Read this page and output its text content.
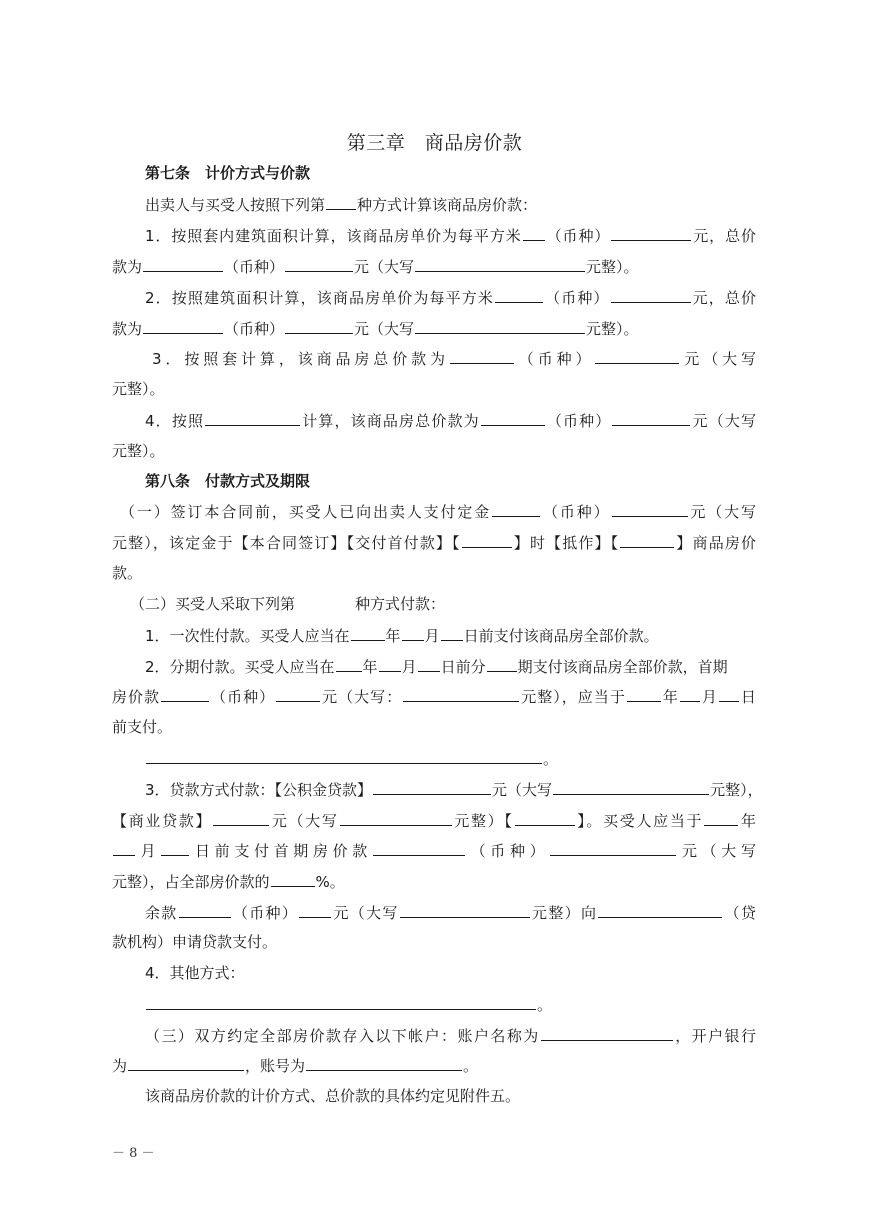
第三章　商品房价款
第七条　计价方式与价款
出卖人与买受人按照下列第 种方式计算该商品房价款：
1．按照套内建筑面积计算，该商品房单价为每平方米 （币种）	元，总价
款为	（币种）	元（大写	元整）。
2．按照建筑面积计算，该商品房单价为每平方米	（币种）	元，总价
款为	（币种）	元（大写	元整）。
3．按照套计算，该商品房总价款为	（币种）	元（大写
元整）。
4．按照	计算，该商品房总价款为	（币种）	元（大写
元整）。
第八条　付款方式及期限
（一）签订本合同前，买受人已向出卖人支付定金	（币种）	元（大写
元整），该定金于【本合同签订】【交付首付款】【	】时【抵作】【	】商品房价
款。
（二）买受人采取下列第　　　　种方式付款：
1．一次性付款。买受人应当在 年 月 日前支付该商品房全部价款。
2．分期付款。买受人应当在 年 月 日前分 期支付该商品房全部价款，首期
房价款	（币种）	元（大写：	元整），应当于 年 月 日
前支付。
。
3．贷款方式付款：【公积金贷款】	元（大写	元整），
【商业贷款】	元（大写	元整）【	】。买受人应当于 年
月 日前支付首期房价款	（币种）	元（大写
元整），占全部房价款的	%。
余款	（币种） 元（大写	元整）向	（贷
款机构）申请贷款支付。
4．其他方式：
。
（三）双方约定全部房价款存入以下帐户：账户名称为	，开户银行
为	，账号为	。
该商品房价款的计价方式、总价款的具体约定见附件五。
－ 8 －
